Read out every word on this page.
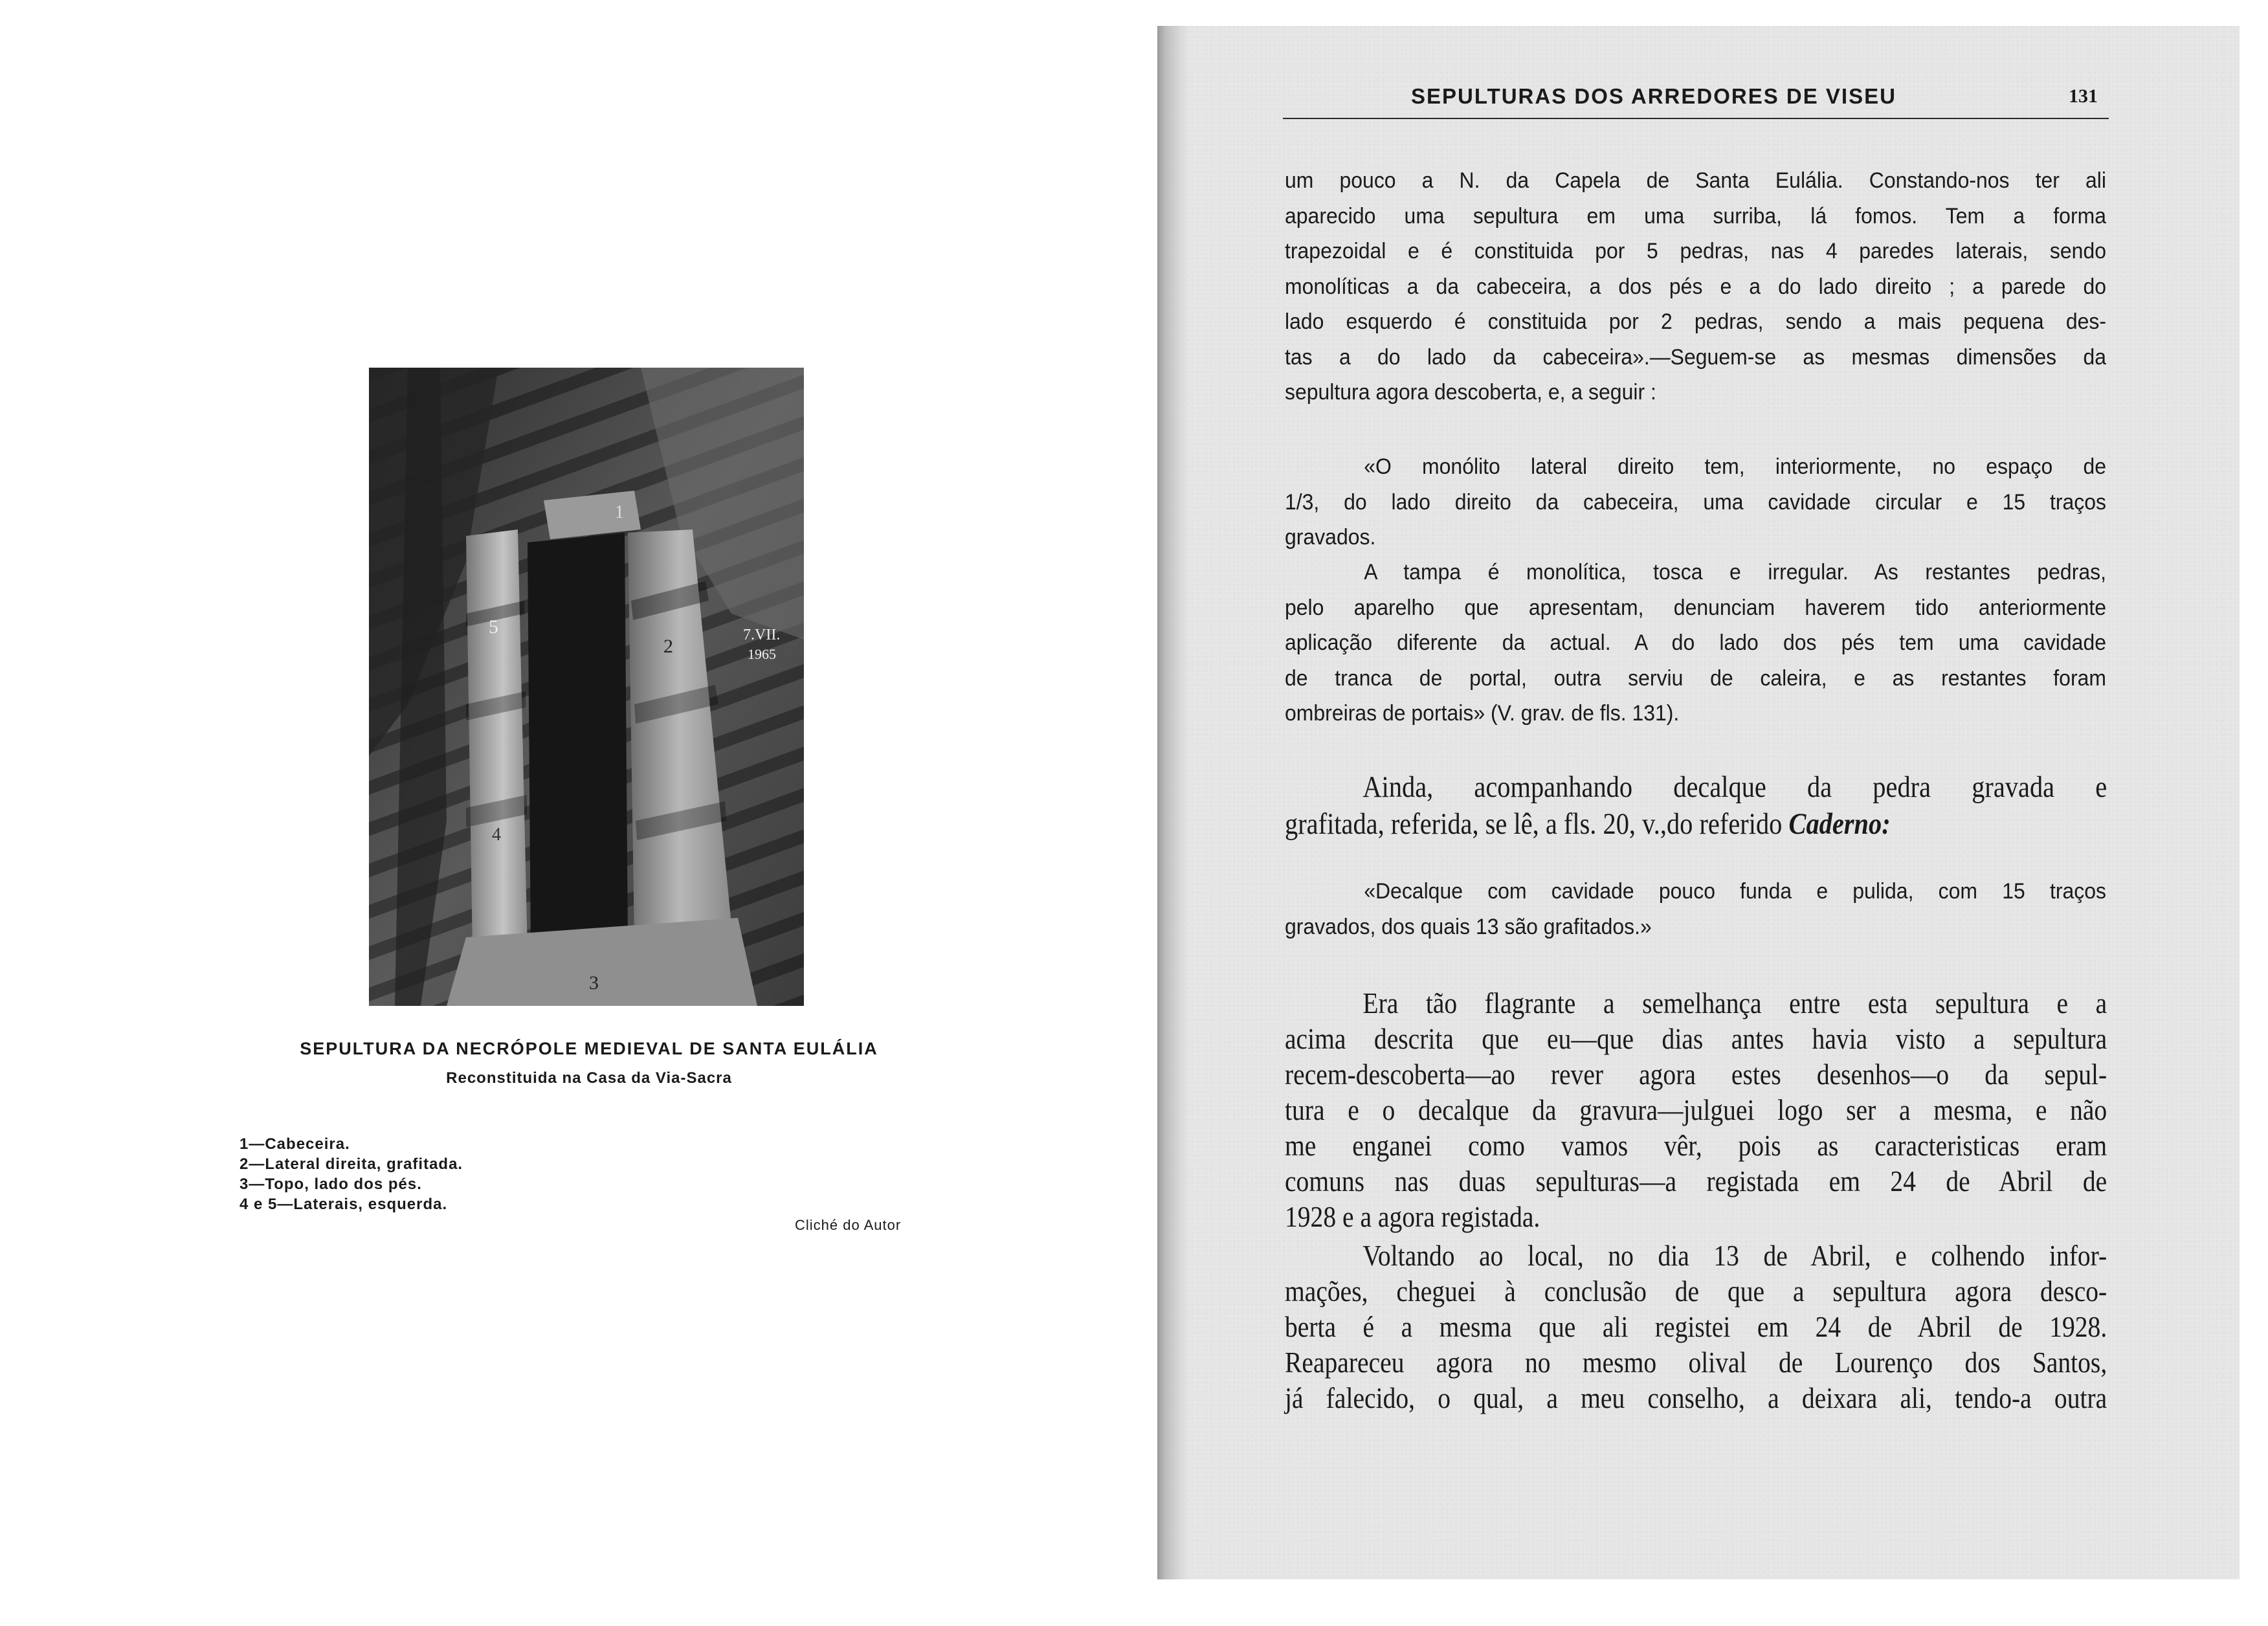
1
2
3
4
5	7.VII.
1965
SEPULTURA DA NECRÓPOLE MEDIEVAL DE SANTA EULÁLIA
Reconstituida na Casa da Via-Sacra
1—Cabeceira.
2—Lateral direita, grafitada.
3—Topo, lado dos pés.
4 e 5—Laterais, esquerda.
Cliché do Autor
SEPULTURAS DOS ARREDORES DE VISEU	131
um pouco a N. da Capela de Santa Eulália. Constando-nos ter ali
aparecido uma sepultura em uma surriba, lá fomos. Tem a forma
trapezoidal e é constituida por 5 pedras, nas 4 paredes laterais, sendo
monolíticas a da cabeceira, a dos pés e a do lado direito ; a parede do
lado esquerdo é constituida por 2 pedras, sendo a mais pequena des-
tas a do lado da cabeceira».—Seguem-se as mesmas dimensões da
sepultura agora descoberta, e, a seguir :
«O monólito lateral direito tem, interiormente, no espaço de
1/3, do lado direito da cabeceira, uma cavidade circular e 15 traços
gravados.
A tampa é monolítica, tosca e irregular. As restantes pedras,
pelo aparelho que apresentam, denunciam haverem tido anteriormente
aplicação diferente da actual. A do lado dos pés tem uma cavidade
de tranca de portal, outra serviu de caleira, e as restantes foram
ombreiras de portais» (V. grav. de fls. 131).
Ainda, acompanhando decalque da pedra gravada e
grafitada, referida, se lê, a fls. 20, v.,do referido Caderno:
«Decalque com cavidade pouco funda e pulida, com 15 traços
gravados, dos quais 13 são grafitados.»
Era tão flagrante a semelhança entre esta sepultura e a
acima descrita que eu—que dias antes havia visto a sepultura
recem-descoberta—ao rever agora estes desenhos—o da sepul-
tura e o decalque da gravura—julguei logo ser a mesma, e não
me enganei como vamos vêr, pois as caracteristicas eram
comuns nas duas sepulturas—a registada em 24 de Abril de
1928 e a agora registada.
Voltando ao local, no dia 13 de Abril, e colhendo infor-
mações, cheguei à conclusão de que a sepultura agora desco-
berta é a mesma que ali registei em 24 de Abril de 1928.
Reapareceu agora no mesmo olival de Lourenço dos Santos,
já falecido, o qual, a meu conselho, a deixara ali, tendo-a outra
